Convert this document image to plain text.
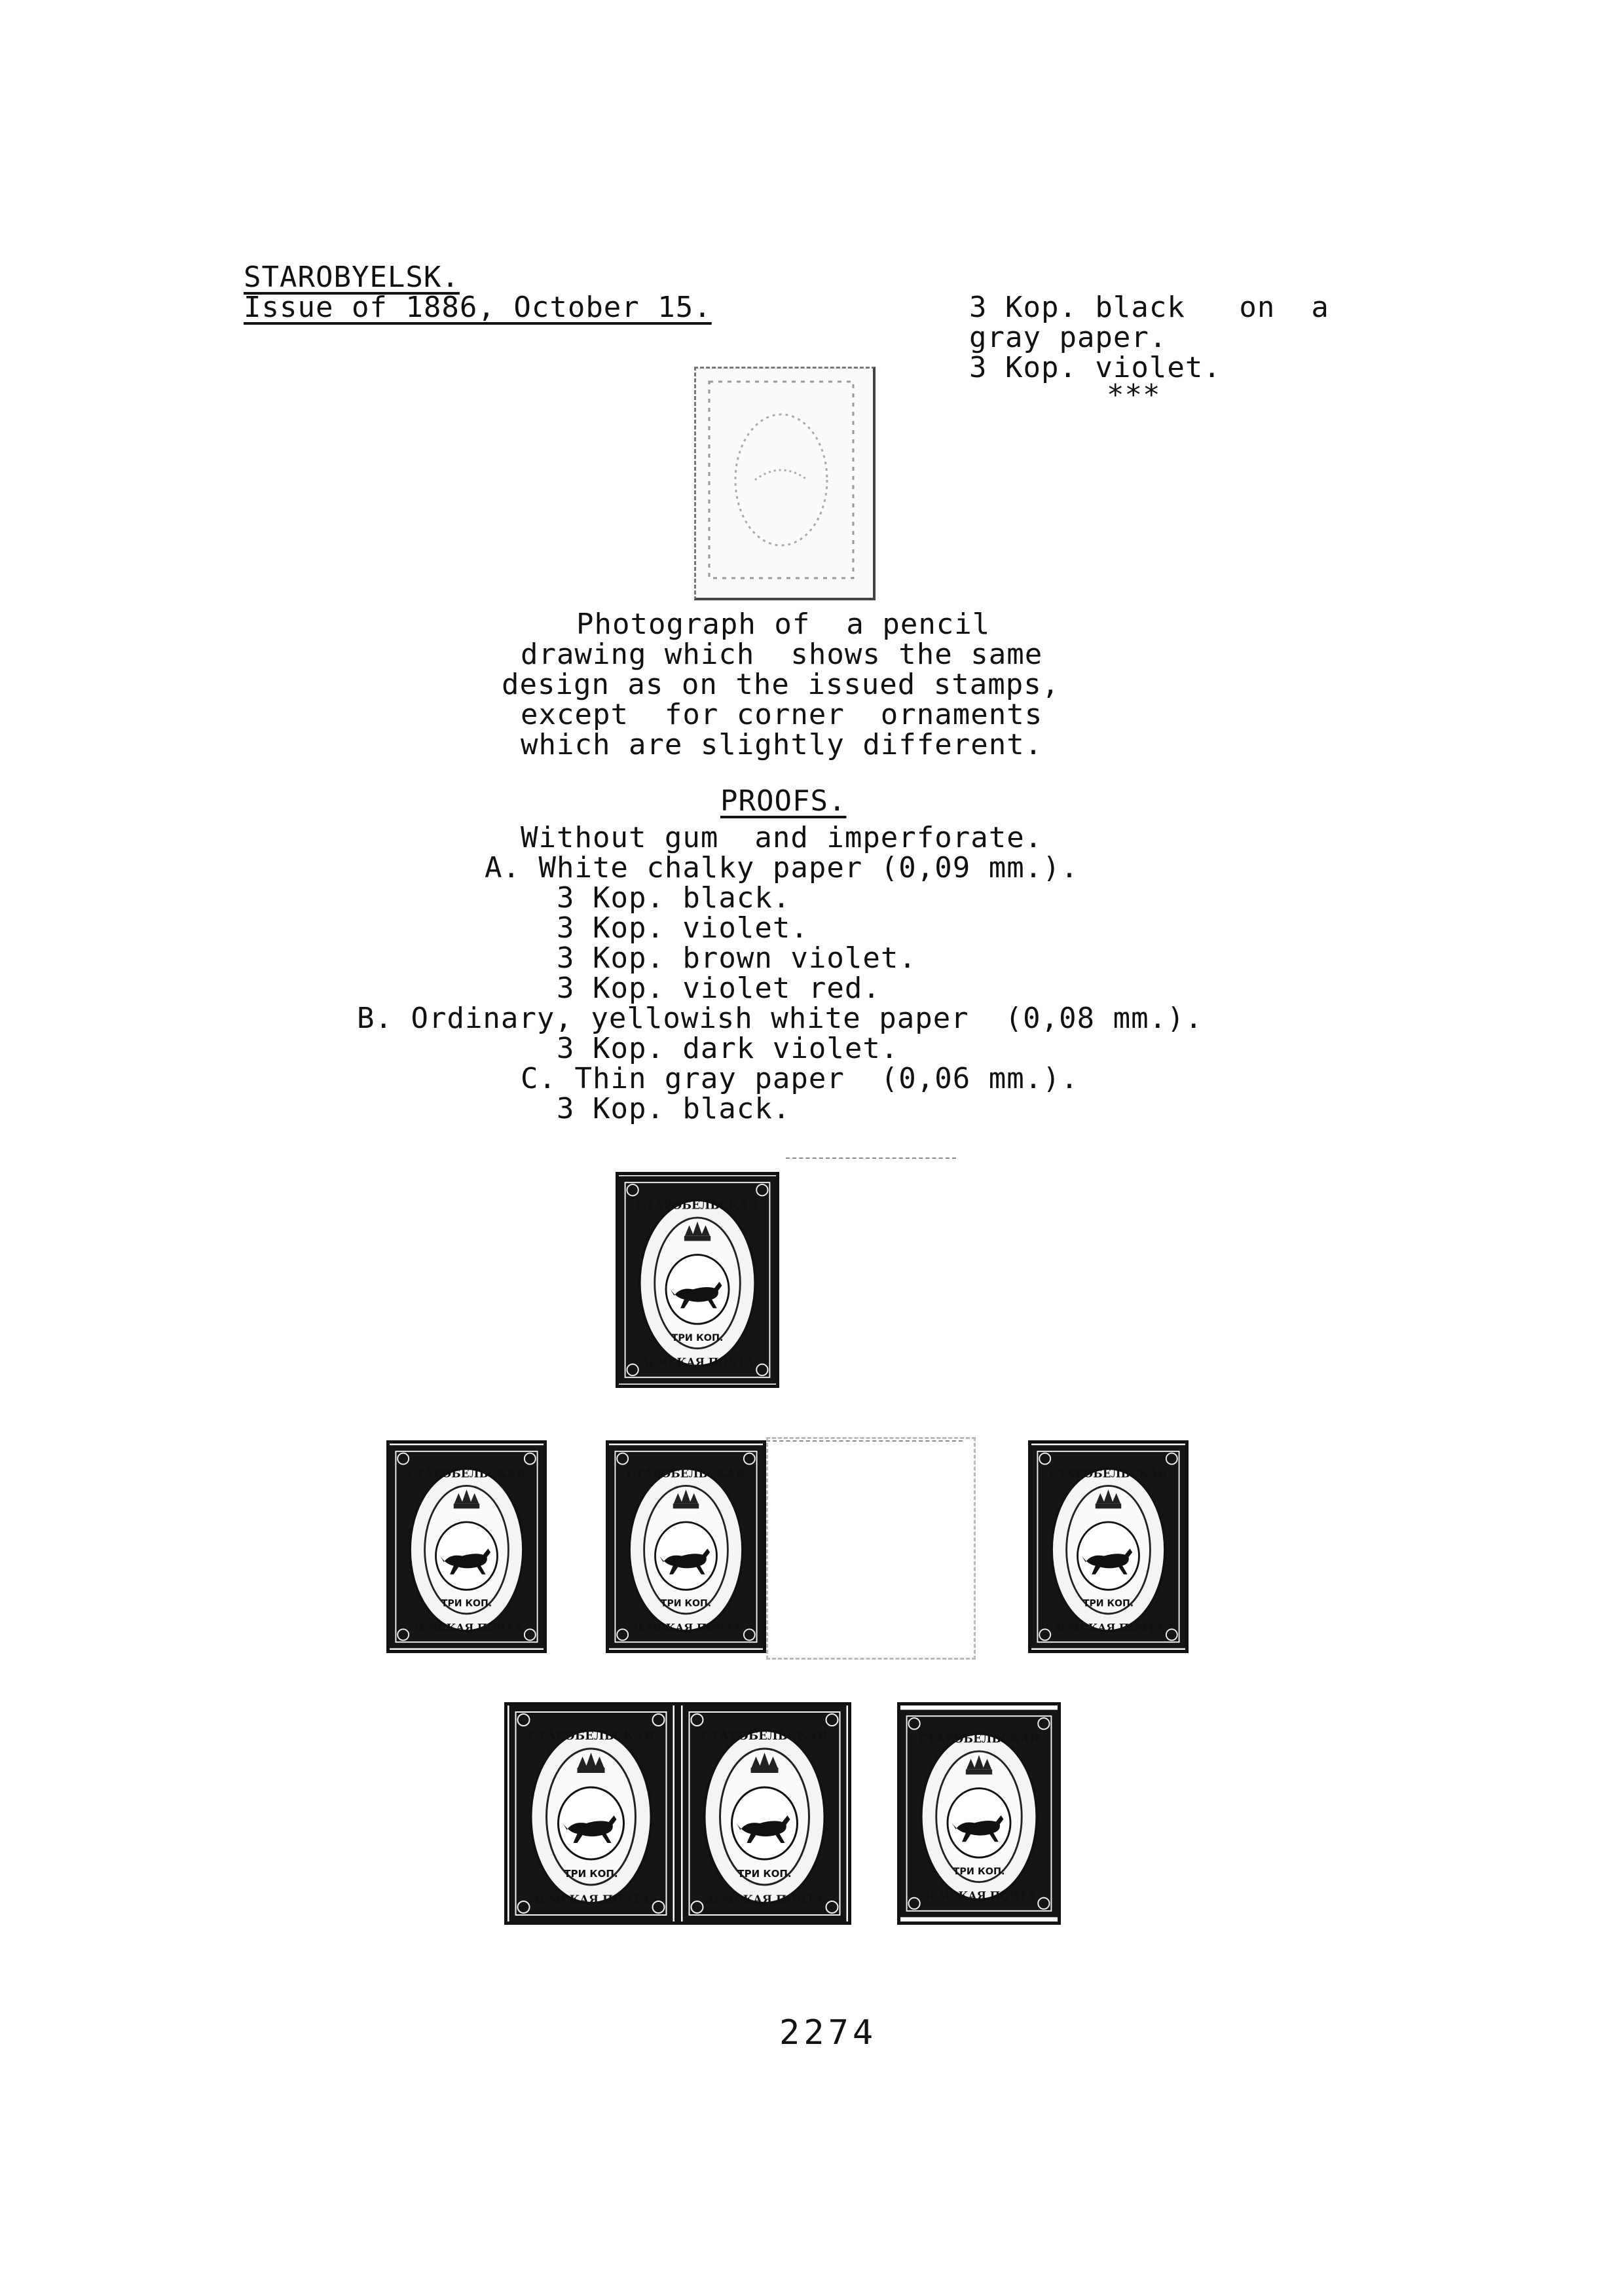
STAROBYELSK.
Issue of 1886, October 15.	3 Kop. black   on  a
gray paper.
3 Kop. violet.
***
Photograph of  a pencil
drawing which  shows the same
design as on the issued stamps,
except  for corner  ornaments
which are slightly different.
PROOFS.
Without gum  and imperforate.
A. White chalky paper (0,09 mm.).
3 Kop. black.
3 Kop. violet.
3 Kop. brown violet.
3 Kop. violet red.
B. Ordinary, yellowish white paper  (0,08 mm.).
3 Kop. dark violet.
C. Thin gray paper  (0,06 mm.).
3 Kop. black.
СТАРОБЕЛЬСКАЯ
ЗЕМСКАЯ ПОЧТА
ТРИ КОП.
СТАРОБЕЛЬСКАЯ
ЗЕМСКАЯ ПОЧТА
ТРИ КОП.
СТАРОБЕЛЬСКАЯ
ЗЕМСКАЯ ПОЧТА
ТРИ КОП.
СТАРОБЕЛЬСКАЯ
ЗЕМСКАЯ ПОЧТА
ТРИ КОП.
СТАРОБЕЛЬСКАЯ
ЗЕМСКАЯ ПОЧТА
ТРИ КОП.
СТАРОБЕЛЬСКАЯ
ЗЕМСКАЯ ПОЧТА
ТРИ КОП.
СТАРОБЕЛЬСКАЯ
ЗЕМСКАЯ ПОЧТА
ТРИ КОП.
2274
